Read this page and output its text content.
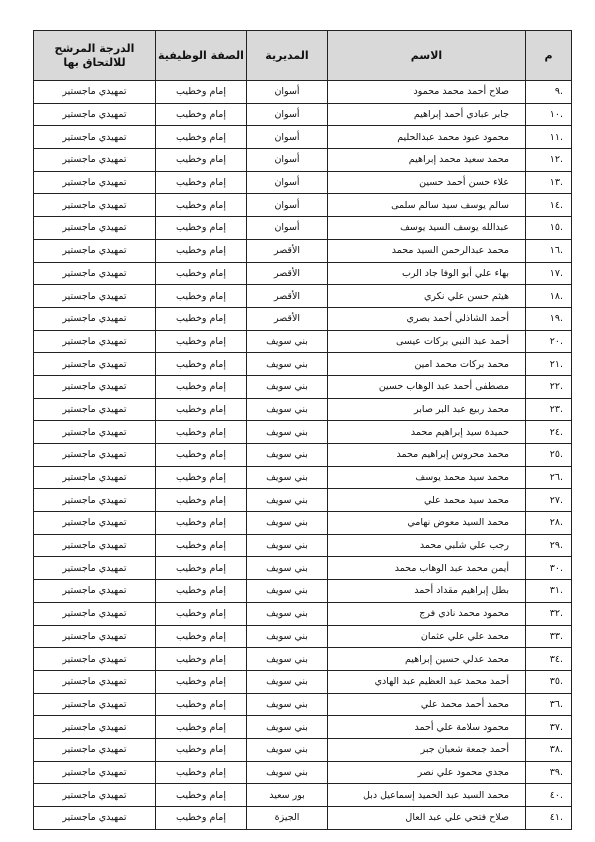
م	الاسم	المديرية	الصفة الوظيفية	الدرجة المرشح للالتحاق بها
.٩	صلاح أحمد محمد محمود	أسوان	إمام وخطيب	تمهيدي ماجستير
.١٠	جابر عبادي أحمد إبراهيم	أسوان	إمام وخطيب	تمهيدي ماجستير
.١١	محمود عبود محمد عبدالحليم	أسوان	إمام وخطيب	تمهيدي ماجستير
.١٢	محمد سعيد محمد إبراهيم	أسوان	إمام وخطيب	تمهيدي ماجستير
.١٣	علاء حسن أحمد حسين	أسوان	إمام وخطيب	تمهيدي ماجستير
.١٤	سالم يوسف سيد سالم سلمى	أسوان	إمام وخطيب	تمهيدي ماجستير
.١٥	عبدالله يوسف السيد يوسف	أسوان	إمام وخطيب	تمهيدي ماجستير
.١٦	محمد عبدالرحمن السيد محمد	الأقصر	إمام وخطيب	تمهيدي ماجستير
.١٧	بهاء علي أبو الوفا جاد الرب	الأقصر	إمام وخطيب	تمهيدي ماجستير
.١٨	هيثم حسن علي نكري	الأقصر	إمام وخطيب	تمهيدي ماجستير
.١٩	أحمد الشاذلي أحمد بصري	الأقصر	إمام وخطيب	تمهيدي ماجستير
.٢٠	أحمد عبد النبي بركات عيسى	بني سويف	إمام وخطيب	تمهيدي ماجستير
.٢١	محمد بركات محمد امين	بني سويف	إمام وخطيب	تمهيدي ماجستير
.٢٢	مصطفى أحمد عبد الوهاب حسين	بني سويف	إمام وخطيب	تمهيدي ماجستير
.٢٣	محمد ربيع عبد البر صابر	بني سويف	إمام وخطيب	تمهيدي ماجستير
.٢٤	حميدة سيد إبراهيم محمد	بني سويف	إمام وخطيب	تمهيدي ماجستير
.٢٥	محمد محروس إبراهيم محمد	بني سويف	إمام وخطيب	تمهيدي ماجستير
.٢٦	محمد سيد محمد يوسف	بني سويف	إمام وخطيب	تمهيدي ماجستير
.٢٧	محمد سيد محمد علي	بني سويف	إمام وخطيب	تمهيدي ماجستير
.٢٨	محمد السيد معوض نهامي	بني سويف	إمام وخطيب	تمهيدي ماجستير
.٢٩	رجب علي شلبي محمد	بني سويف	إمام وخطيب	تمهيدي ماجستير
.٣٠	أيمن محمد عبد الوهاب محمد	بني سويف	إمام وخطيب	تمهيدي ماجستير
.٣١	بطل إبراهيم مقداد أحمد	بني سويف	إمام وخطيب	تمهيدي ماجستير
.٣٢	محمود محمد نادي فرج	بني سويف	إمام وخطيب	تمهيدي ماجستير
.٣٣	محمد علي علي عثمان	بني سويف	إمام وخطيب	تمهيدي ماجستير
.٣٤	محمد عدلي حسين إبراهيم	بني سويف	إمام وخطيب	تمهيدي ماجستير
.٣٥	أحمد محمد عبد العظيم عبد الهادي	بني سويف	إمام وخطيب	تمهيدي ماجستير
.٣٦	محمد أحمد محمد علي	بني سويف	إمام وخطيب	تمهيدي ماجستير
.٣٧	محمود سلامة علي أحمد	بني سويف	إمام وخطيب	تمهيدي ماجستير
.٣٨	أحمد جمعة شعبان جبر	بني سويف	إمام وخطيب	تمهيدي ماجستير
.٣٩	مجدي محمود علي نصر	بني سويف	إمام وخطيب	تمهيدي ماجستير
.٤٠	محمد السيد عبد الحميد إسماعيل دبل	بور سعيد	إمام وخطيب	تمهيدي ماجستير
.٤١	صلاح فتحي علي عبد العال	الجيزة	إمام وخطيب	تمهيدي ماجستير
